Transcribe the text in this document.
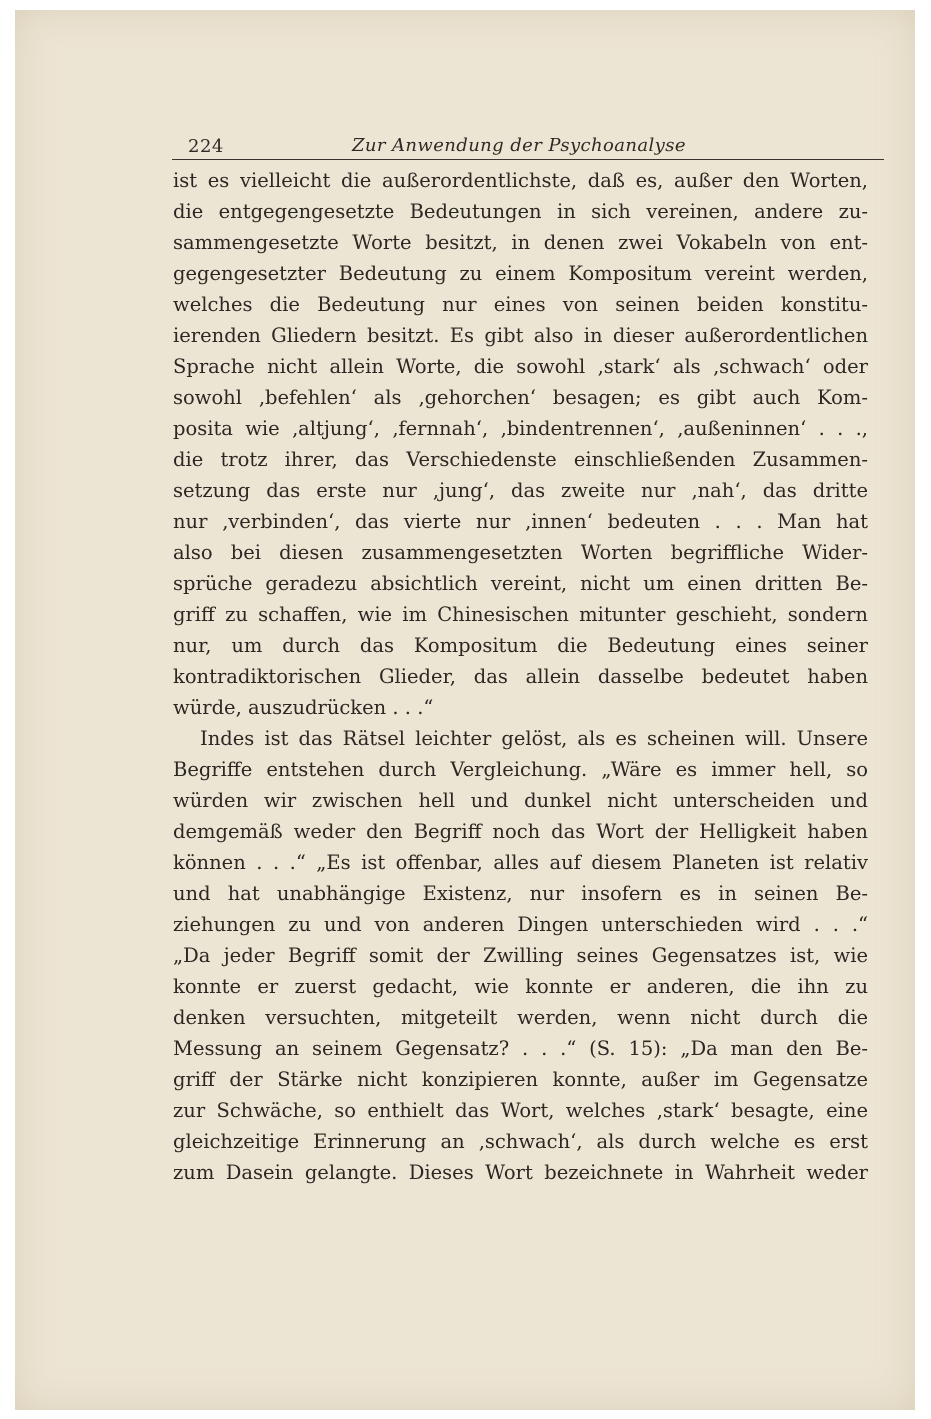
224	Zur Anwendung der Psychoanalyse
ist es vielleicht die außerordentlichste, daß es, außer den Worten,
die entgegengesetzte Bedeutungen in sich vereinen, andere zu-
sammengesetzte Worte besitzt, in denen zwei Vokabeln von ent-
gegengesetzter Bedeutung zu einem Kompositum vereint werden,
welches die Bedeutung nur eines von seinen beiden konstitu-
ierenden Gliedern besitzt. Es gibt also in dieser außerordentlichen
Sprache nicht allein Worte, die sowohl ‚stark‘ als ‚schwach‘ oder
sowohl ‚befehlen‘ als ‚gehorchen‘ besagen; es gibt auch Kom-
posita wie ‚altjung‘, ‚fernnah‘, ‚bindentrennen‘, ‚außeninnen‘ . . .,
die trotz ihrer, das Verschiedenste einschließenden Zusammen-
setzung das erste nur ‚jung‘, das zweite nur ‚nah‘, das dritte
nur ‚verbinden‘, das vierte nur ‚innen‘ bedeuten . . . Man hat
also bei diesen zusammengesetzten Worten begriffliche Wider-
sprüche geradezu absichtlich vereint, nicht um einen dritten Be-
griff zu schaffen, wie im Chinesischen mitunter geschieht, sondern
nur, um durch das Kompositum die Bedeutung eines seiner
kontradiktorischen Glieder, das allein dasselbe bedeutet haben
würde, auszudrücken . . .“
Indes ist das Rätsel leichter gelöst, als es scheinen will. Unsere
Begriffe entstehen durch Vergleichung. „Wäre es immer hell, so
würden wir zwischen hell und dunkel nicht unterscheiden und
demgemäß weder den Begriff noch das Wort der Helligkeit haben
können . . .“ „Es ist offenbar, alles auf diesem Planeten ist relativ
und hat unabhängige Existenz, nur insofern es in seinen Be-
ziehungen zu und von anderen Dingen unterschieden wird . . .“
„Da jeder Begriff somit der Zwilling seines Gegensatzes ist, wie
konnte er zuerst gedacht, wie konnte er anderen, die ihn zu
denken versuchten, mitgeteilt werden, wenn nicht durch die
Messung an seinem Gegensatz? . . .“ (S. 15): „Da man den Be-
griff der Stärke nicht konzipieren konnte, außer im Gegensatze
zur Schwäche, so enthielt das Wort, welches ‚stark‘ besagte, eine
gleichzeitige Erinnerung an ‚schwach‘, als durch welche es erst
zum Dasein gelangte. Dieses Wort bezeichnete in Wahrheit weder
